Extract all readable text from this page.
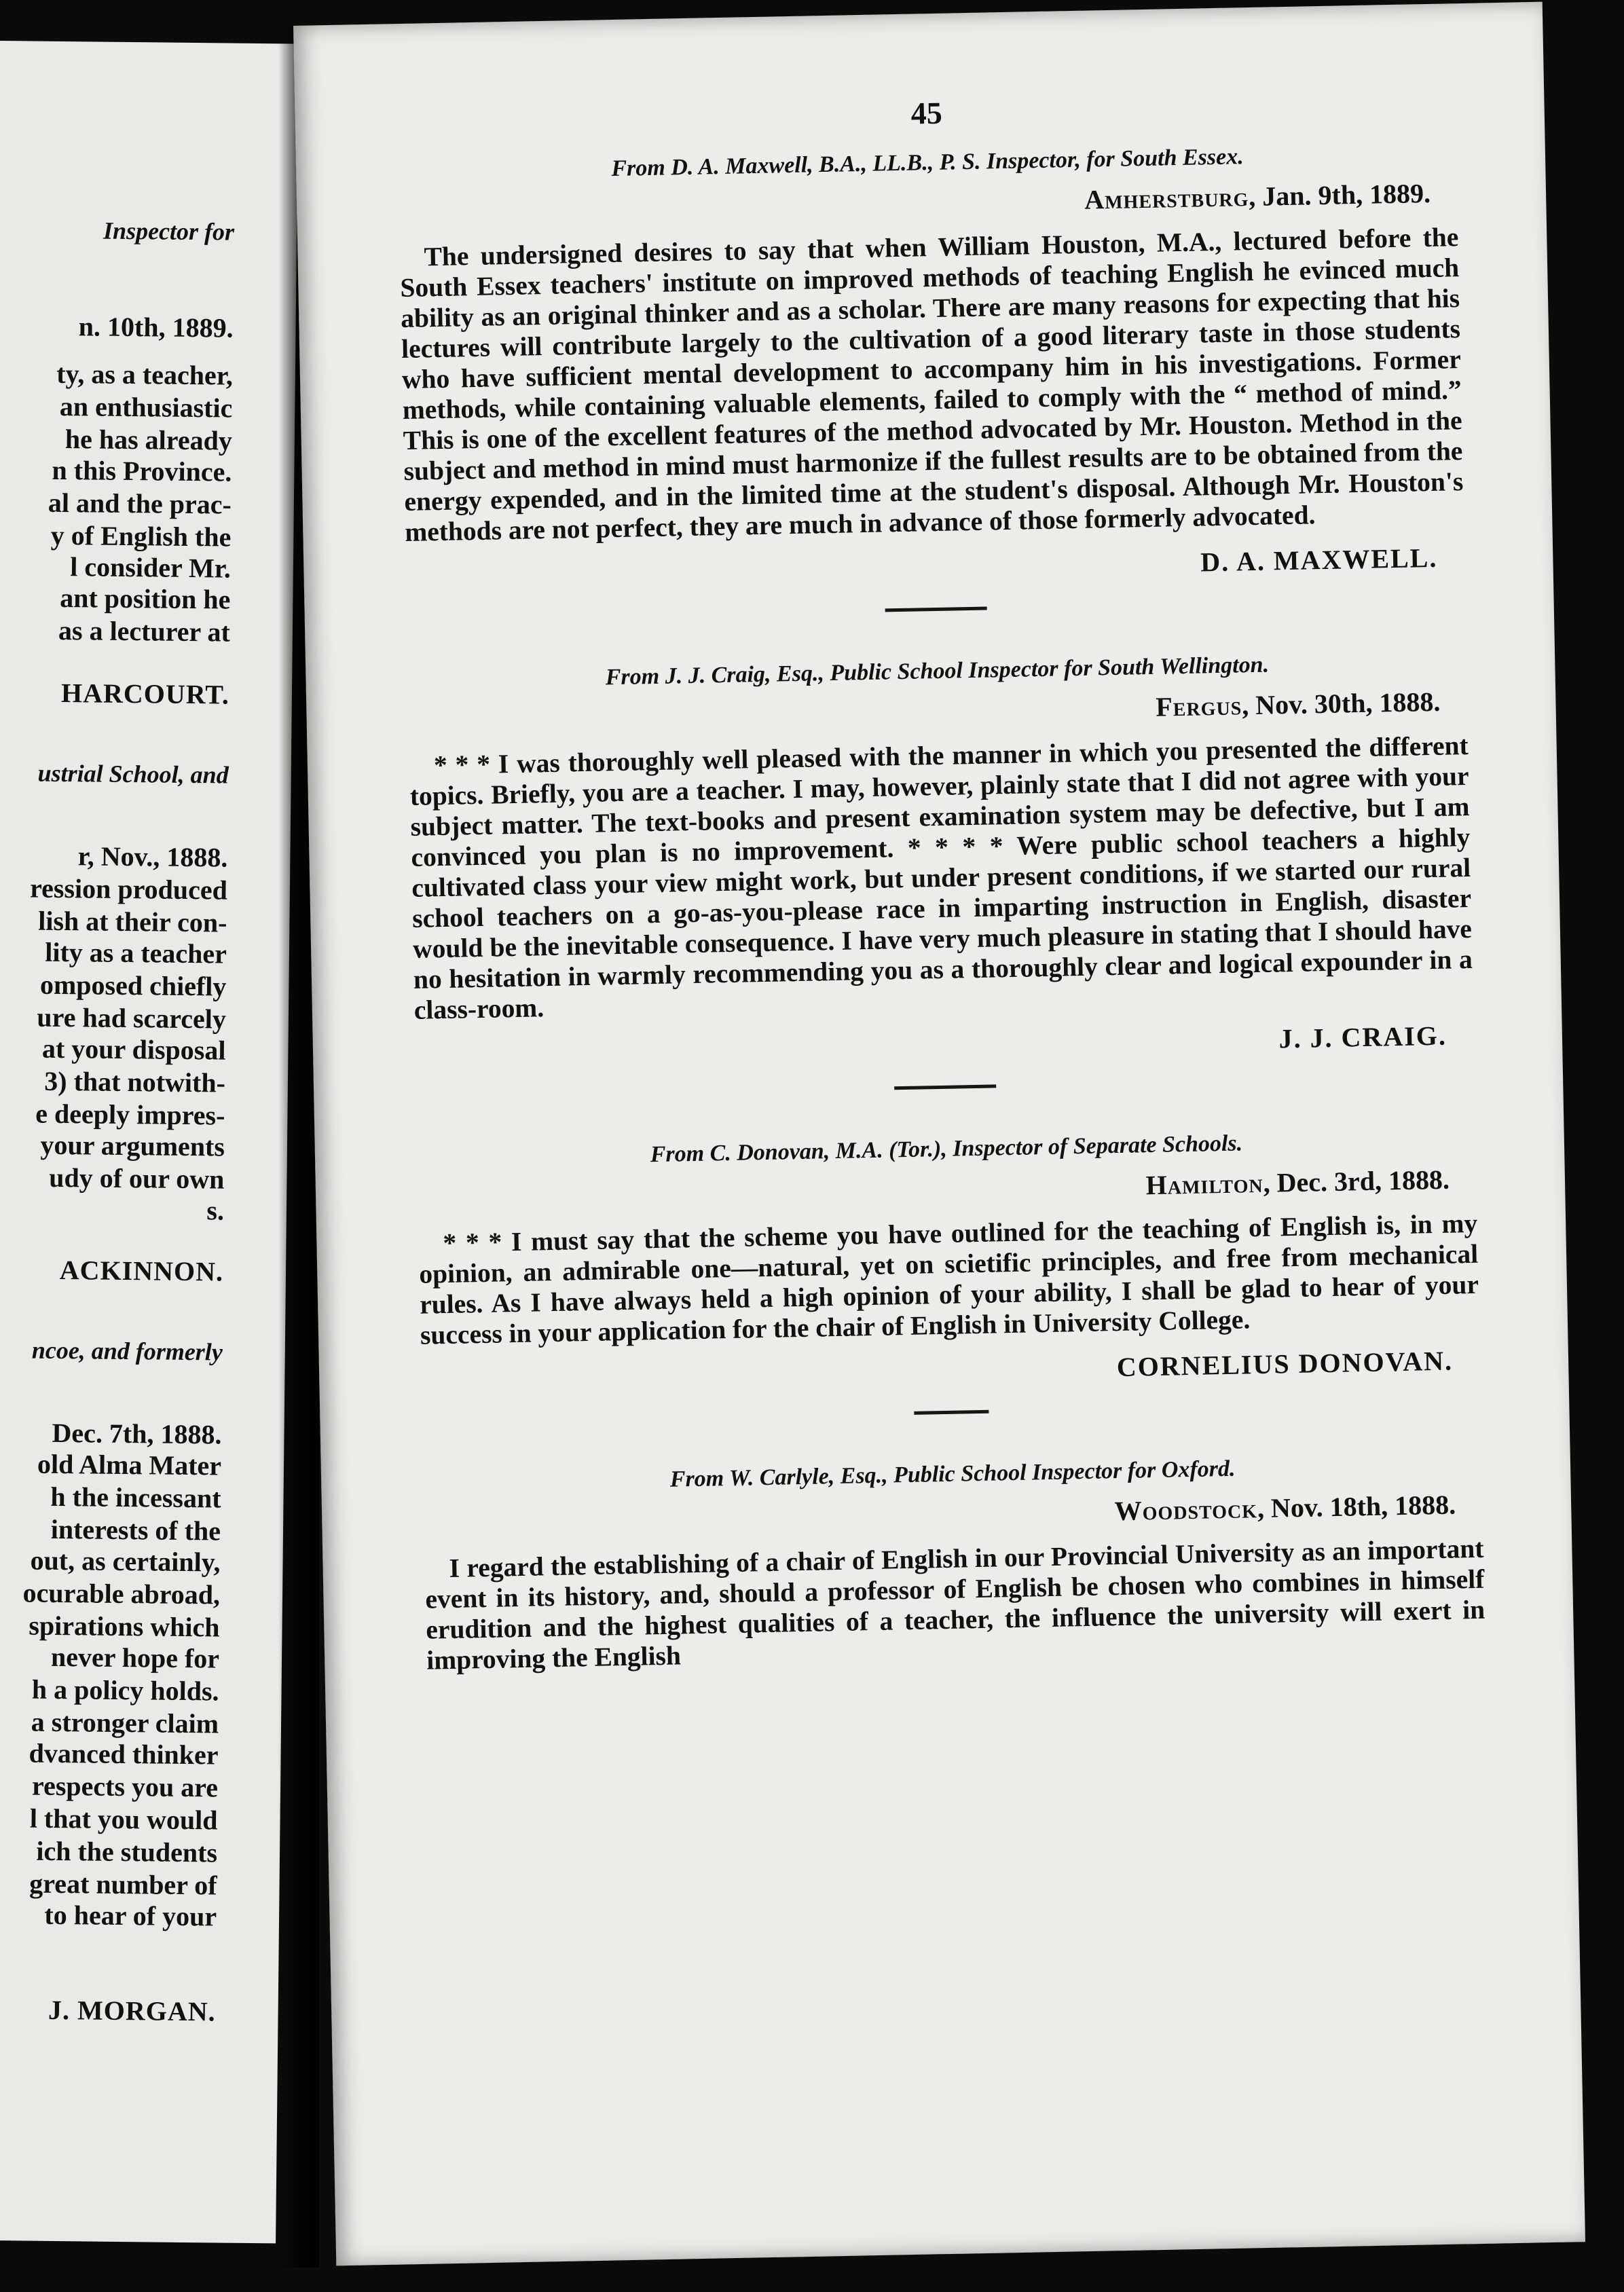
Inspector for
n. 10th, 1889.
ty, as a teacher,
an enthusiastic
he has already
n this Province.
al and the prac-
y of English the
l consider Mr.
ant position he
as a lecturer at
HARCOURT.
ustrial School, and
r, Nov., 1888.
ression produced
lish at their con-
lity as a teacher
omposed chiefly
ure had scarcely
at your disposal
3) that notwith-
e deeply impres-
your arguments
udy of our own
s.
ACKINNON.
ncoe, and formerly
Dec. 7th, 1888.
old Alma Mater
h the incessant
interests of the
out, as certainly,
ocurable abroad,
spirations which
never hope for
h a policy holds.
a stronger claim
dvanced thinker
respects you are
l that you would
ich the students
great number of
to hear of your
J. MORGAN.
45

From D. A. Maxwell, B.A., LL.B., P. S. Inspector, for South Essex.

Amherstburg, Jan. 9th, 1889.

The undersigned desires to say that when William Houston, M.A., lectured before the South Essex teachers' institute on improved methods of teaching English he evinced much ability as an original thinker and as a scholar. There are many reasons for expecting that his lectures will contribute largely to the cultivation of a good literary taste in those students who have sufficient mental development to accompany him in his investigations. Former methods, while containing valuable elements, failed to comply with the “ method of mind.” This is one of the excellent features of the method advocated by Mr. Houston. Method in the subject and method in mind must harmonize if the fullest results are to be obtained from the energy expended, and in the limited time at the student's disposal. Although Mr. Houston's methods are not perfect, they are much in advance of those formerly advocated.

D. A. MAXWELL.

From J. J. Craig, Esq., Public School Inspector for South Wellington.

Fergus, Nov. 30th, 1888.

* * * I was thoroughly well pleased with the manner in which you presented the different topics. Briefly, you are a teacher. I may, however, plainly state that I did not agree with your subject matter. The text-books and present examination system may be defective, but I am convinced you plan is no improvement. * * * * Were public school teachers a highly cultivated class your view might work, but under present conditions, if we started our rural school teachers on a go-as-you-please race in imparting instruction in English, disaster would be the inevitable consequence. I have very much pleasure in stating that I should have no hesitation in warmly recommending you as a thoroughly clear and logical expounder in a class-room.

J. J. CRAIG.

From C. Donovan, M.A. (Tor.), Inspector of Separate Schools.

Hamilton, Dec. 3rd, 1888.

* * * I must say that the scheme you have outlined for the teaching of English is, in my opinion, an admirable one—natural, yet on scietific principles, and free from mechanical rules. As I have always held a high opinion of your ability, I shall be glad to hear of your success in your application for the chair of English in University College.

CORNELIUS DONOVAN.

From W. Carlyle, Esq., Public School Inspector for Oxford.

Woodstock, Nov. 18th, 1888.

I regard the establishing of a chair of English in our Provincial University as an important event in its history, and, should a professor of English be chosen who combines in himself erudition and the highest qualities of a teacher, the influence the university will exert in improving the English
